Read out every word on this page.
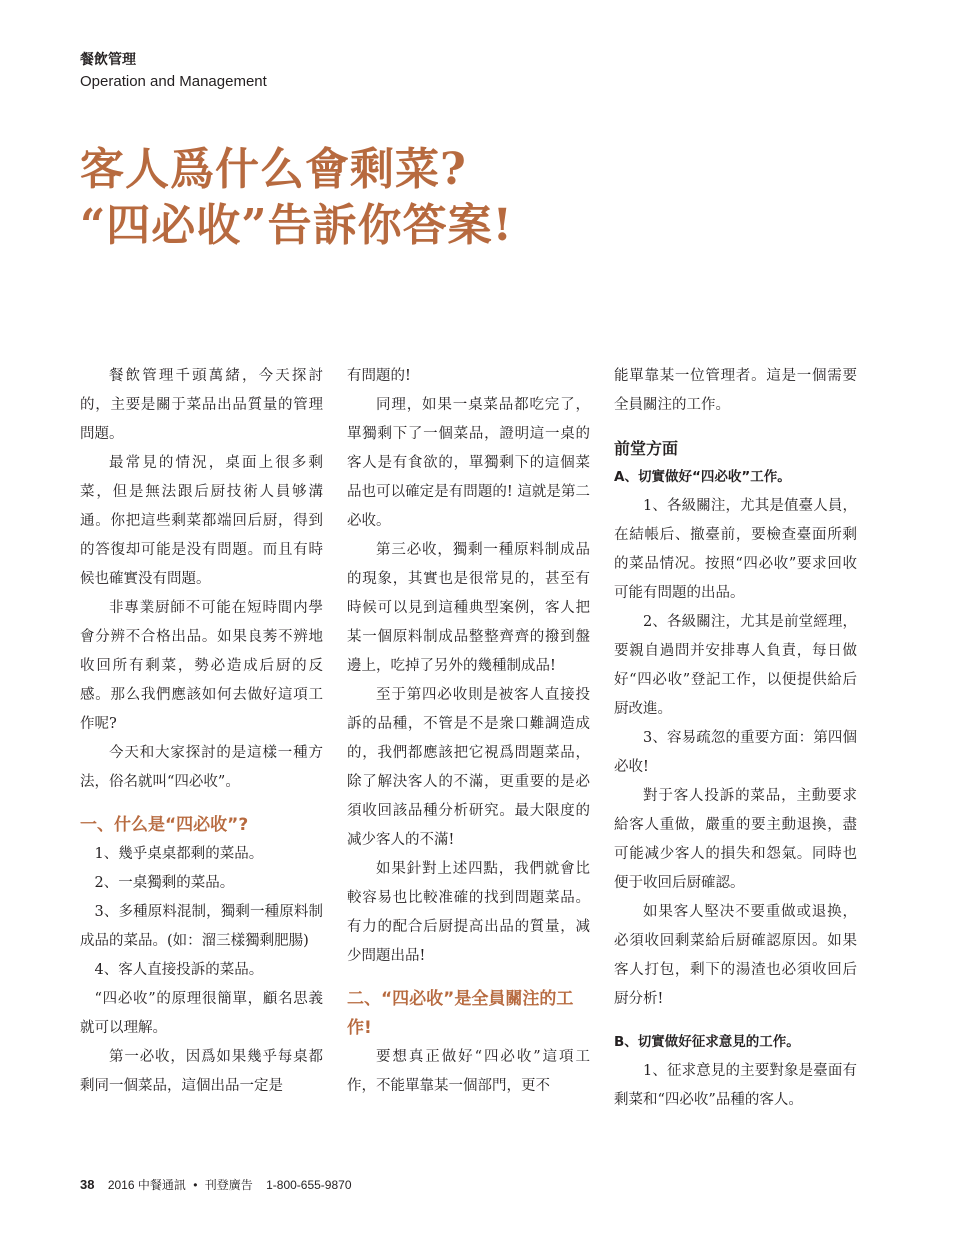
餐飲管理
Operation and Management
客人爲什么會剩菜?
“四必收”告訴你答案!

餐飲管理千頭萬緒，今天探討的，主要是關于菜品出品質量的管理問題。

最常見的情況，桌面上很多剩菜，但是無法跟后厨技術人員够溝通。你把這些剩菜都端回后厨，得到的答復却可能是没有問題。而且有時候也確實没有問題。

非專業厨師不可能在短時間内學會分辨不合格出品。如果良莠不辨地收回所有剩菜，勢必造成后厨的反感。那么我們應該如何去做好這項工作呢?

今天和大家探討的是這樣一種方法，俗名就叫“四必收”。

一、什么是“四必收”?

1、幾乎桌桌都剩的菜品。

2、一桌獨剩的菜品。

3、多種原料混制，獨剩一種原料制成品的菜品。(如：溜三樣獨剩肥腸)

4、客人直接投訴的菜品。

“四必收”的原理很簡單，顧名思義就可以理解。

第一必收，因爲如果幾乎每桌都剩同一個菜品，這個出品一定是

有問題的!

同理，如果一桌菜品都吃完了，單獨剩下了一個菜品，證明這一桌的客人是有食欲的，單獨剩下的這個菜品也可以確定是有問題的! 這就是第二必收。

第三必收，獨剩一種原料制成品的現象，其實也是很常見的，甚至有時候可以見到這種典型案例，客人把某一個原料制成品整整齊齊的撥到盤邊上，吃掉了另外的幾種制成品!

至于第四必收則是被客人直接投訴的品種，不管是不是衆口難調造成的，我們都應該把它視爲問題菜品，除了解決客人的不滿，更重要的是必須收回該品種分析研究。最大限度的减少客人的不滿!

如果針對上述四點，我們就會比較容易也比較准確的找到問題菜品。有力的配合后厨提高出品的質量，减少問題出品!

二、“四必收”是全員關注的工作!

要想真正做好“四必收”這項工作，不能單靠某一個部門，更不

能單靠某一位管理者。這是一個需要全員關注的工作。

前堂方面
A、切實做好“四必收”工作。

1、各級關注，尤其是值臺人員，在結帳后、撤臺前，要檢查臺面所剩的菜品情况。按照“四必收”要求回收可能有問題的出品。

2、各級關注，尤其是前堂經理，要親自過問并安排專人負責，每日做好“四必收”登記工作，以便提供給后厨改進。

3、容易疏忽的重要方面：第四個必收!

對于客人投訴的菜品，主動要求給客人重做，嚴重的要主動退換，盡可能减少客人的損失和怨氣。同時也便于收回后厨確認。

如果客人堅决不要重做或退换，必須收回剩菜給后厨確認原因。如果客人打包，剩下的湯渣也必須收回后厨分析!

B、切實做好征求意見的工作。

1、征求意見的主要對象是臺面有剩菜和“四必收”品種的客人。

38 2016 中餐通訊 • 刊登廣告 1-800-655-9870
